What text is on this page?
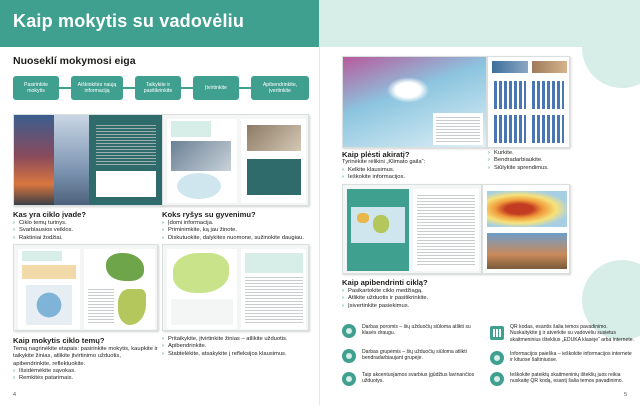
Kaip mokytis su vadovėliu
Nuoseklí mokymosi eiga
Pasirinkite mokytis
Aiškinkitės naują informaciją
Taikykite ir pasitikrinkite
Įtvirtinkite
Apibendrinkite, įvertinkite
Kas yra ciklo įvade?
› Ciklo temų turinys.
› Svarbiausios veiklos.
› Raktiniai žodžiai.
Koks ryšys su gyvenimu?
› Įdomi informacija.
› Priminimkite, ką jau žinote.
› Diskutuokite, dalykitės nuomone, sužinokite daugiau.
Kaip mokytis ciklo temų?
Temą nagrinėkite etapais: pasirinkite mokytis, kaupkite ir taikykite žinias, atlikite įtvirtinimo užduotis, apibendrinkite, reflektuokite.
› Išsidėmėkite sąvokas.
› Remkitės patarimais.
› Pritaikykite, įtvirtinkite žinias – atlikite užduotis.
› Apibendrinkite.
› Stabtelėkite, atsakykite į refleksijos klausimus.
4
Kaip plėsti akiratį?
Tyrinėkite rėlikini „Klimato gaila“:
› Kelkite klausimus.
› Ieškokite informacijos.
› Kurkite.
› Bendradarbiaukite.
› Siūlykite sprendimus.
Kaip apibendrinti ciklą?
› Pasikartokite ciklo medžiagą.
› Atlikite užduotis ir pasitikrinkite.
› Įsivertinkite pasiekimus.
Darbas poromis – šių užduočių siūloma atlikti su klasės draugu.
Darbas grupėmis – šių užduočių siūloma atlikti bendradarbiaujant grupėje.
Taip akcentuojamos svarbius įgūdžius lavinančios užduotys.
QR kodas, esantis šalia temos pavadinimo. Nuskaitykite jį ir atverkite su vadovėliu susietus skaitmeninius išteklius „EDUKA klasėje“ arba internete.
Informacijos paieška – ieškokite informacijos internete ir kituose šaltiniuose.
Ieškokite pateiktų skaitmeninių išteklių juos reikia nuskaitę QR kodą, esantį šalia temos pavadinimo.
5
